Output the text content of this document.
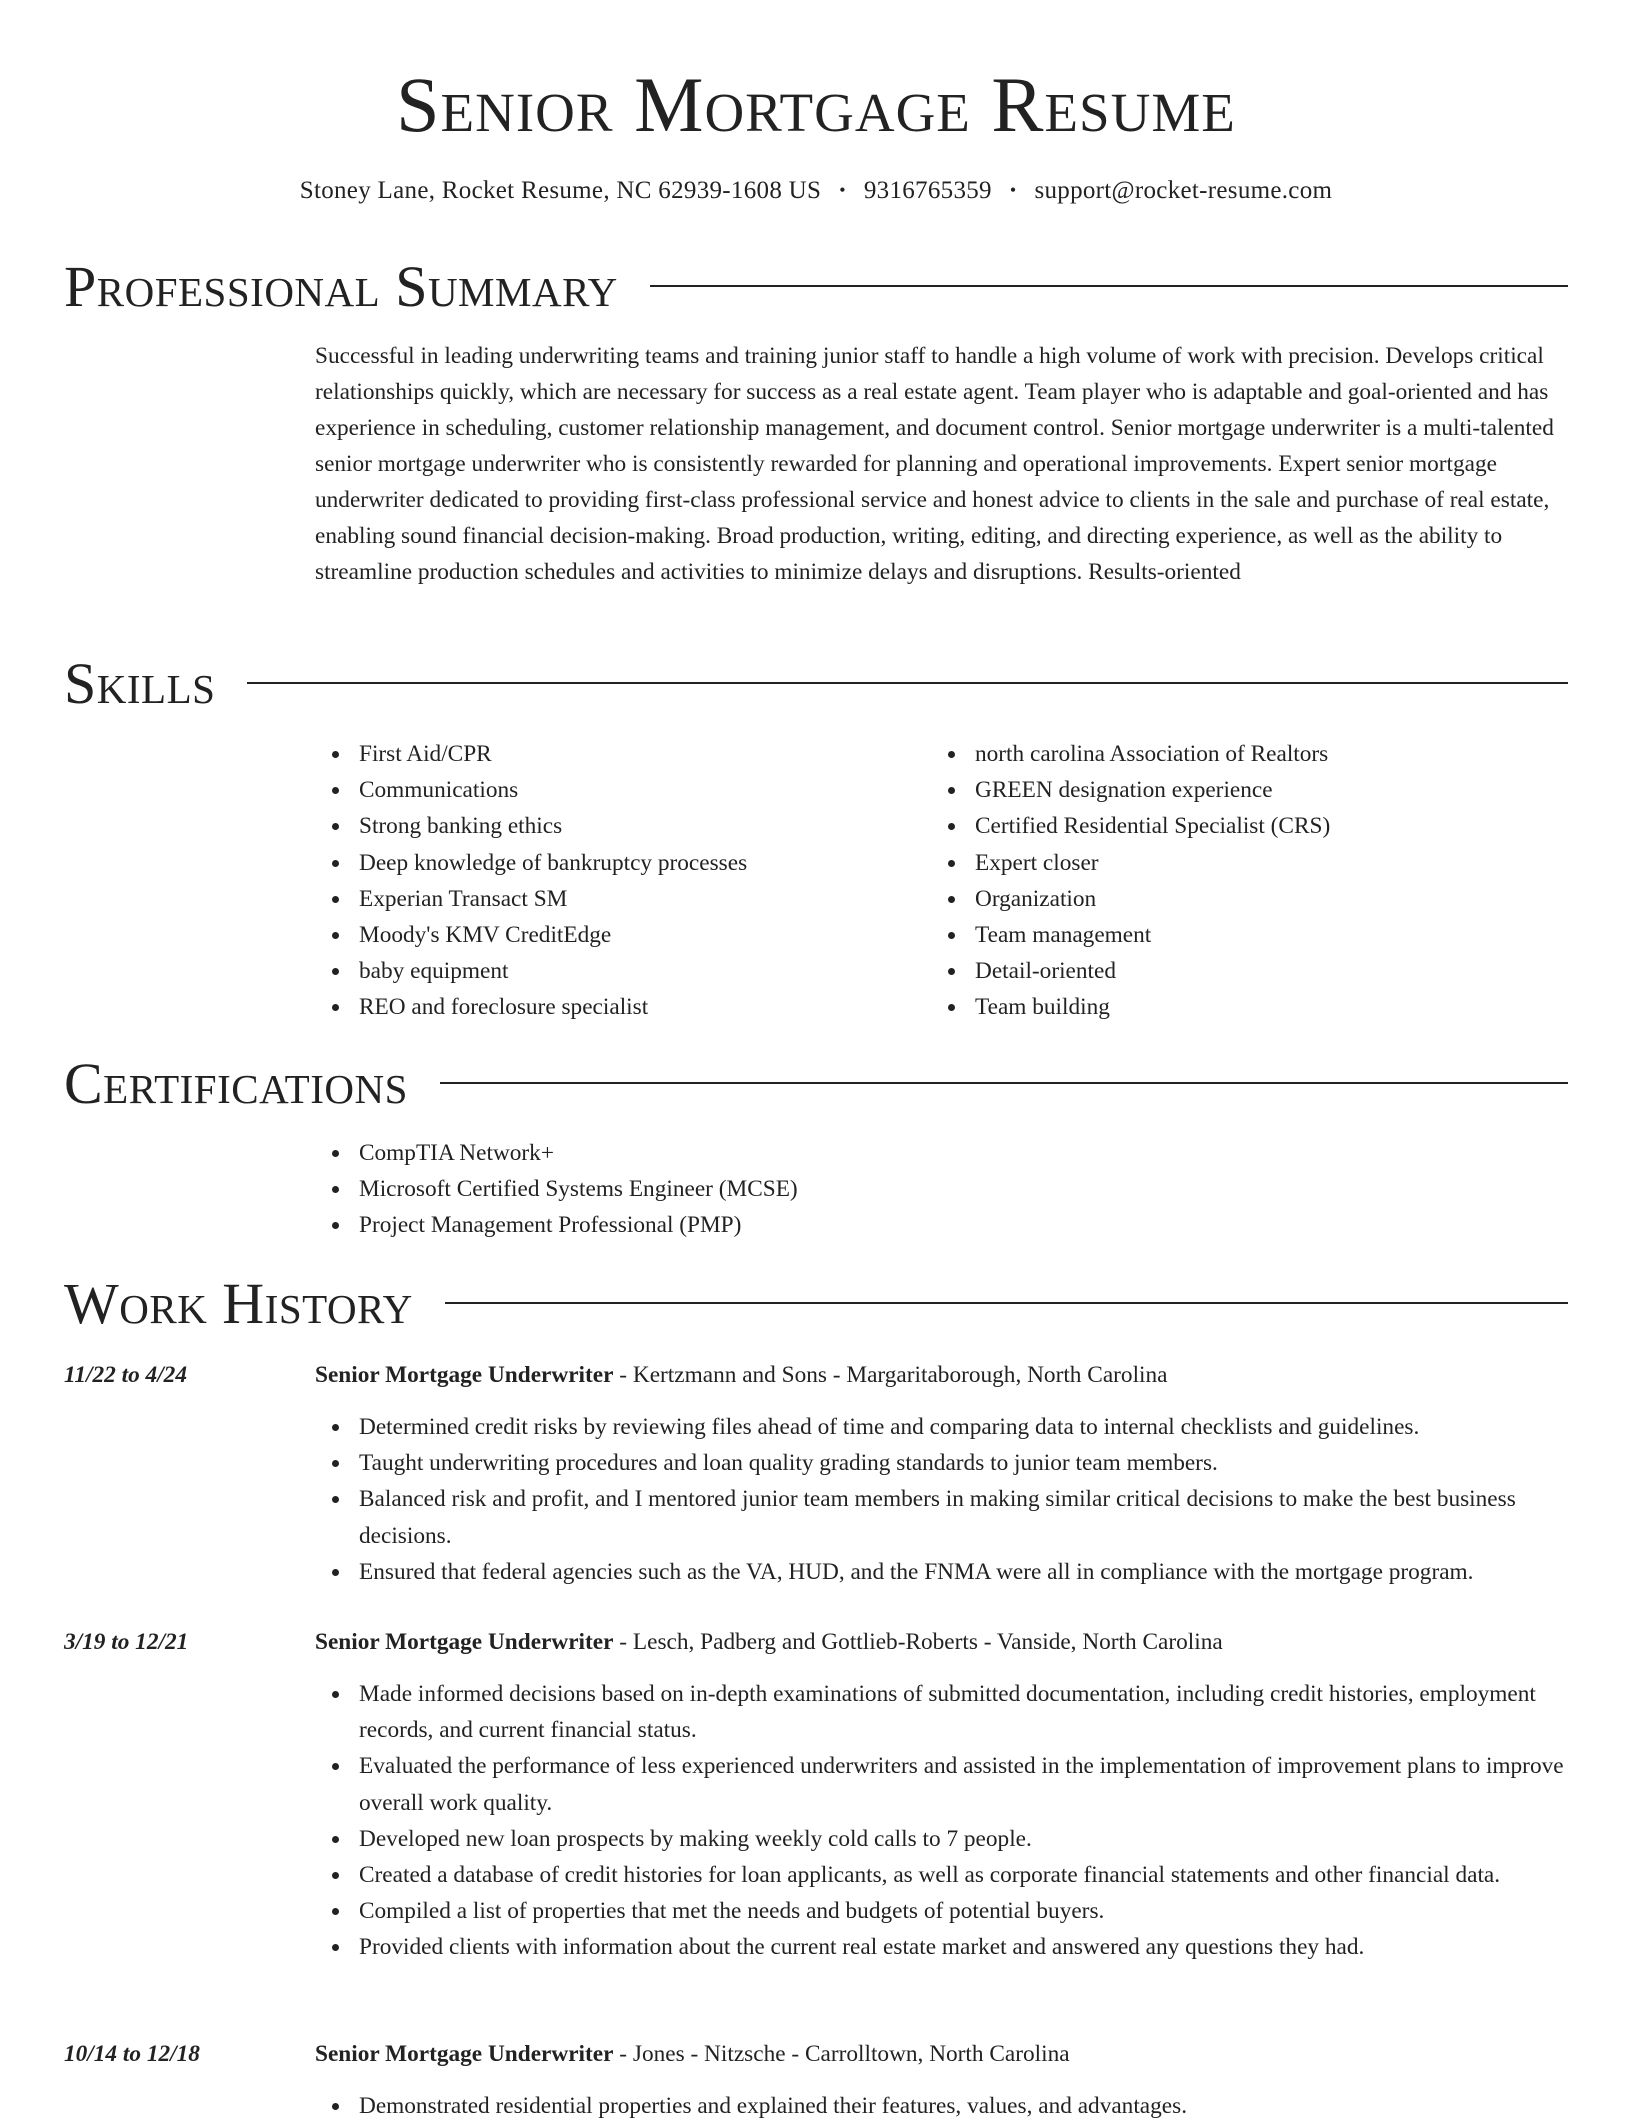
Senior Mortgage Resume
Stoney Lane, Rocket Resume, NC 62939-1608 US • 9316765359 • support@rocket-resume.com
Professional Summary

Successful in leading underwriting teams and training junior staff to handle a high volume of work with precision. Develops critical relationships quickly, which are necessary for success as a real estate agent. Team player who is adaptable and goal-oriented and has experience in scheduling, customer relationship management, and document control. Senior mortgage underwriter is a multi-talented senior mortgage underwriter who is consistently rewarded for planning and operational improvements. Expert senior mortgage underwriter dedicated to providing first-class professional service and honest advice to clients in the sale and purchase of real estate, enabling sound financial decision-making. Broad production, writing, editing, and directing experience, as well as the ability to streamline production schedules and activities to minimize delays and disruptions. Results-oriented

Skills
First Aid/CPR
Communications
Strong banking ethics
Deep knowledge of bankruptcy processes
Experian Transact SM
Moody's KMV CreditEdge
baby equipment
REO and foreclosure specialist
north carolina Association of Realtors
GREEN designation experience
Certified Residential Specialist (CRS)
Expert closer
Organization
Team management
Detail-oriented
Team building
Certifications
CompTIA Network+
Microsoft Certified Systems Engineer (MCSE)
Project Management Professional (PMP)
Work History
11/22 to 4/24	Senior Mortgage Underwriter - Kertzmann and Sons - Margaritaborough, North Carolina
Determined credit risks by reviewing files ahead of time and comparing data to internal checklists and guidelines.
Taught underwriting procedures and loan quality grading standards to junior team members.
Balanced risk and profit, and I mentored junior team members in making similar critical decisions to make the best business decisions.
Ensured that federal agencies such as the VA, HUD, and the FNMA were all in compliance with the mortgage program.
3/19 to 12/21	Senior Mortgage Underwriter - Lesch, Padberg and Gottlieb-Roberts - Vanside, North Carolina
Made informed decisions based on in-depth examinations of submitted documentation, including credit histories, employment records, and current financial status.
Evaluated the performance of less experienced underwriters and assisted in the implementation of improvement plans to improve overall work quality.
Developed new loan prospects by making weekly cold calls to 7 people.
Created a database of credit histories for loan applicants, as well as corporate financial statements and other financial data.
Compiled a list of properties that met the needs and budgets of potential buyers.
Provided clients with information about the current real estate market and answered any questions they had.
10/14 to 12/18	Senior Mortgage Underwriter - Jones - Nitzsche - Carrolltown, North Carolina
Demonstrated residential properties and explained their features, values, and advantages.
